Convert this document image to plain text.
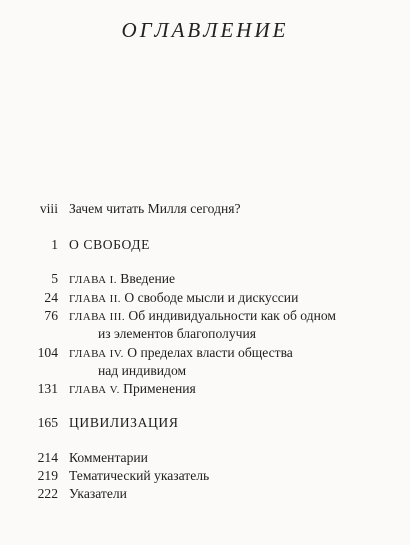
ОГЛАВЛЕНИЕ
viii Зачем читать Милля сегодня?
1 О СВОБОДЕ
5 ГЛАВА I. Введение
24 ГЛАВА II. О свободе мысли и дискуссии
76 ГЛАВА III. Об индивидуальности как об одном
из элементов благополучия
104 ГЛАВА IV. О пределах власти общества
над индивидом
131 ГЛАВА V. Применения
165 ЦИВИЛИЗАЦИЯ
214 Комментарии
219 Тематический указатель
222 Указатели
